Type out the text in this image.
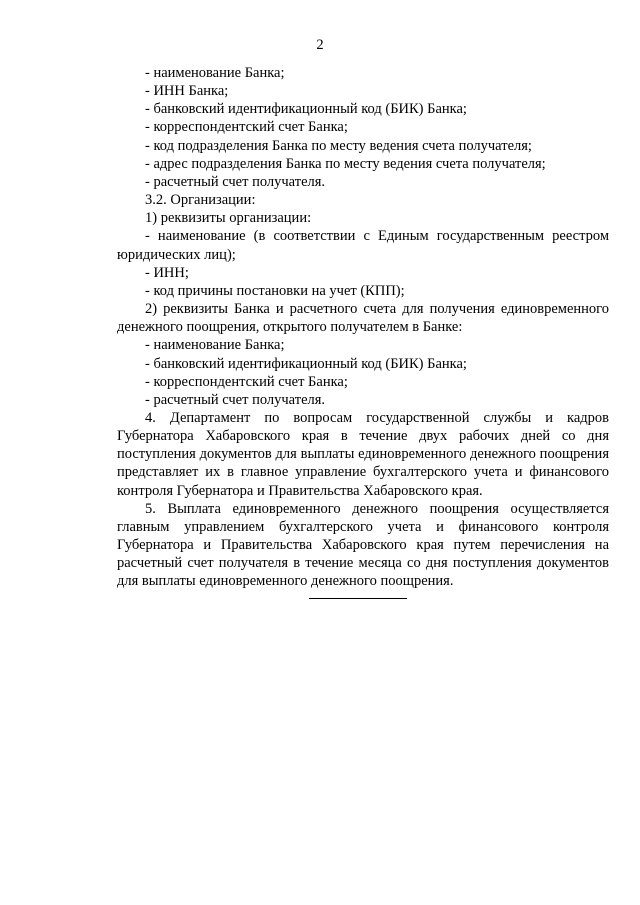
2

- наименование Банка;

- ИНН Банка;

- банковский идентификационный код (БИК) Банка;

- корреспондентский счет Банка;

- код подразделения Банка по месту ведения счета получателя;

- адрес подразделения Банка по месту ведения счета получателя;

- расчетный счет получателя.

3.2. Организации:

1) реквизиты организации:

- наименование (в соответствии с Единым государственным реестром юридических лиц);

- ИНН;

- код причины постановки на учет (КПП);

2) реквизиты Банка и расчетного счета для получения единовременного денежного поощрения, открытого получателем в Банке:

- наименование Банка;

- банковский идентификационный код (БИК) Банка;

- корреспондентский счет Банка;

- расчетный счет получателя.

4. Департамент по вопросам государственной службы и кадров Губернатора Хабаровского края в течение двух рабочих дней со дня поступления документов для выплаты единовременного денежного поощрения представляет их в главное управление бухгалтерского учета и финансового контроля Губернатора и Правительства Хабаровского края.

5. Выплата единовременного денежного поощрения осуществляется главным управлением бухгалтерского учета и финансового контроля Губернатора и Правительства Хабаровского края путем перечисления на расчетный счет получателя в течение месяца со дня поступления документов для выплаты единовременного денежного поощрения.
